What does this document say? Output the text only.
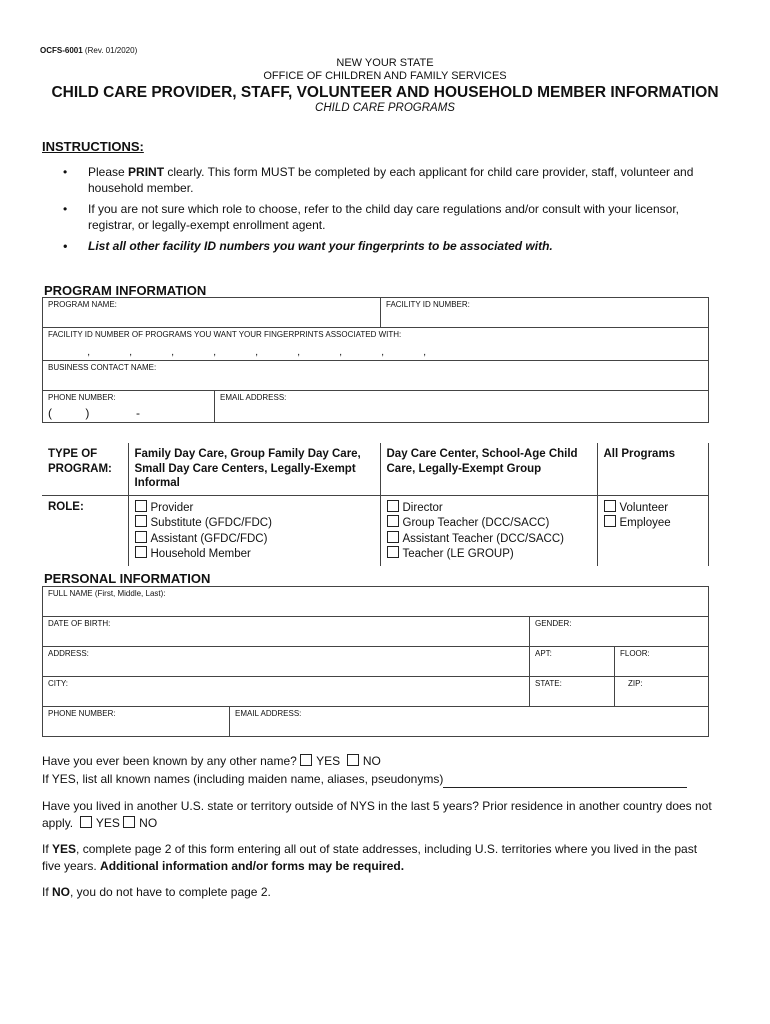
OCFS-6001 (Rev. 01/2020)
NEW YOUR STATE
OFFICE OF CHILDREN AND FAMILY SERVICES
CHILD CARE PROVIDER, STAFF, VOLUNTEER AND HOUSEHOLD MEMBER INFORMATION
CHILD CARE PROGRAMS
INSTRUCTIONS:
• Please PRINT clearly. This form MUST be completed by each applicant for child care provider, staff, volunteer and household member.
• If you are not sure which role to choose, refer to the child day care regulations and/or consult with your licensor, registrar, or legally-exempt enrollment agent.
• List all other facility ID numbers you want your fingerprints to be associated with.
PROGRAM INFORMATION
PROGRAM NAME:		FACILITY ID NUMBER:
FACILITY ID NUMBER OF PROGRAMS YOU WANT YOUR FINGERPRINTS ASSOCIATED WITH:
, , , , , , , , ,		

BUSINESS CONTACT NAME:		
PHONE NUMBER:
(          )              -	EMAIL ADDRESS:	
TYPE OF PROGRAM:	Family Day Care, Group Family Day Care, Small Day Care Centers, Legally-Exempt Informal	Day Care Center, School-Age Child Care, Legally-Exempt Group	All Programs
ROLE:	Provider
Substitute (GFDC/FDC)
Assistant (GFDC/FDC)
Household Member	Director
Group Teacher (DCC/SACC)
Assistant Teacher (DCC/SACC)
Teacher (LE GROUP)	Volunteer
Employee
PERSONAL INFORMATION
FULL NAME (First, Middle, Last):			
DATE OF BIRTH:		GENDER:	
ADDRESS:		APT:	FLOOR:
CITY:		STATE:	ZIP:
PHONE NUMBER:	EMAIL ADDRESS:		
Have you ever been known by any other name? YES NO
If YES, list all known names (including maiden name, aliases, pseudonyms)
Have you lived in another U.S. state or territory outside of NYS in the last 5 years? Prior residence in another country does not apply. YES NO
If YES, complete page 2 of this form entering all out of state addresses, including U.S. territories where you lived in the past five years. Additional information and/or forms may be required.
If NO, you do not have to complete page 2.
